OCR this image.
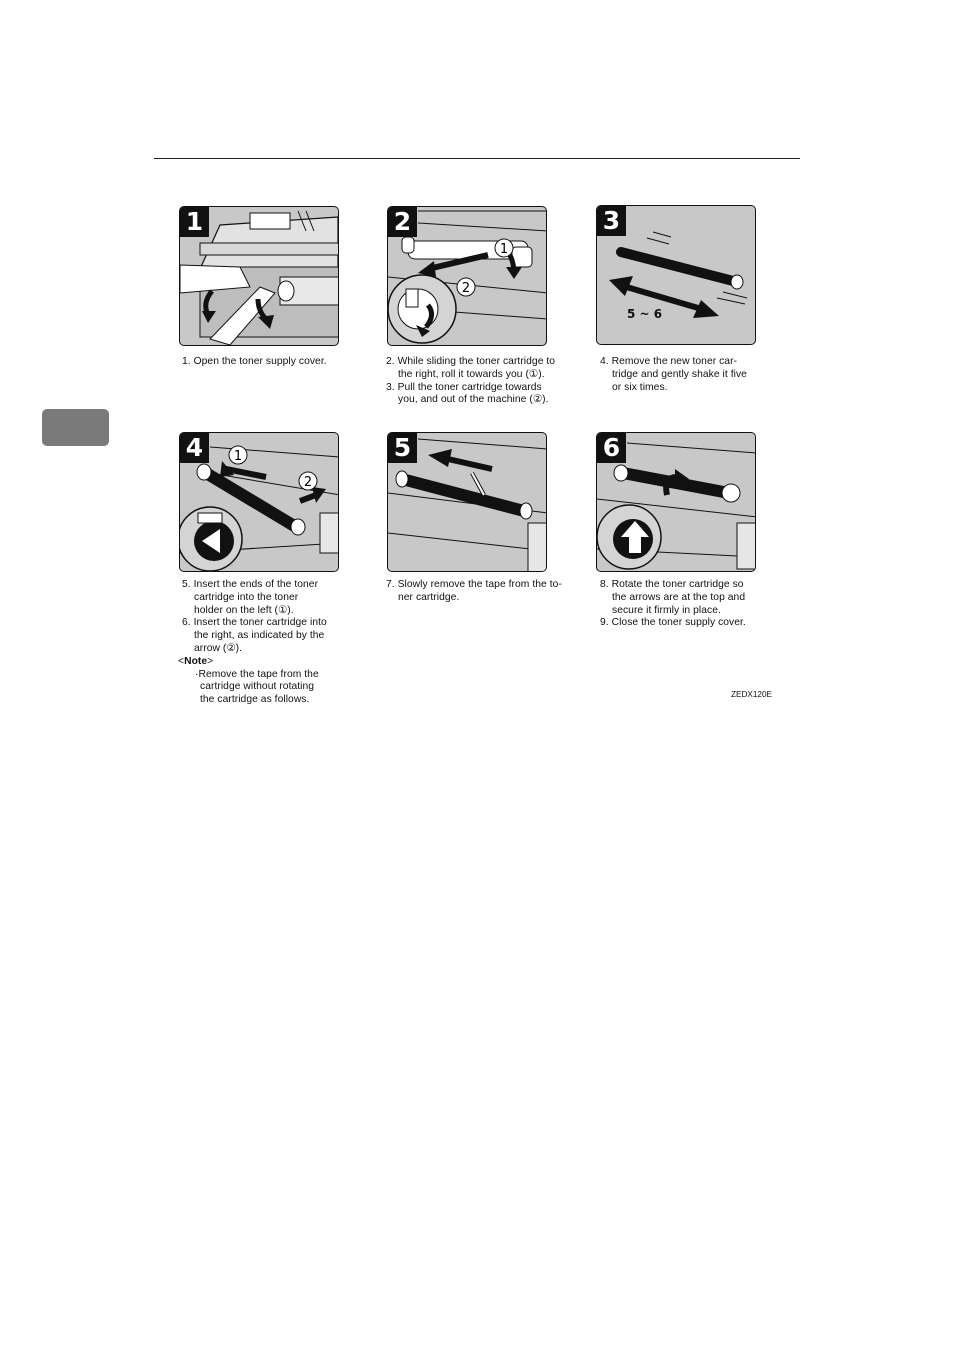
1	2
1
2
3
5 ~ 6
4	1
2
5	6
1. Open the toner supply cover.	2. While sliding the toner cartridge to
the right, roll it towards you (①).
3. Pull the toner cartridge towards
you, and out of the machine (②).
4. Remove the new toner car-
tridge and gently shake it five
or six times.
5. Insert the ends of the toner
cartridge into the toner
holder on the left (①).
6. Insert the toner cartridge into
the right, as indicated by the
arrow (②).
<Note>
·Remove the tape from the
cartridge without rotating
the cartridge as follows.
7. Slowly remove the tape from the to-
ner cartridge.
8. Rotate the toner cartridge so
the arrows are at the top and
secure it firmly in place.
9. Close the toner supply cover.
ZEDX120E
